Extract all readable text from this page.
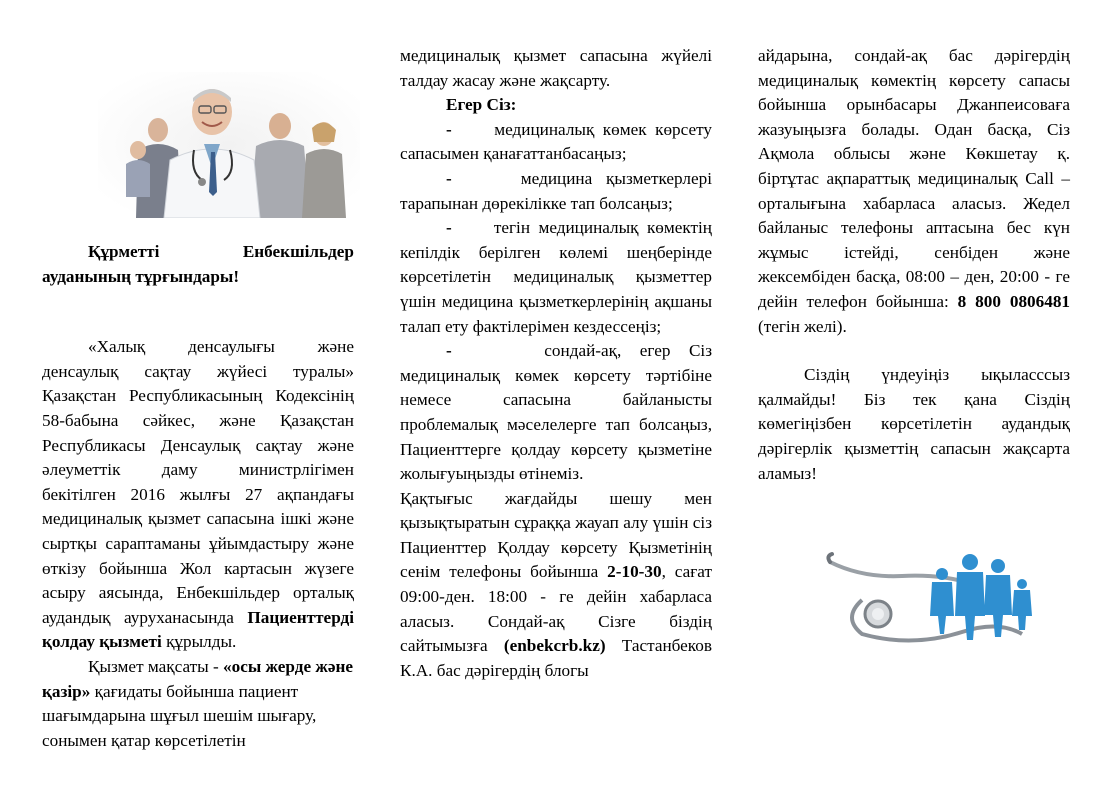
Құрметті Енбекшільдер ауданының тұрғындары!

«Халық денсаулығы және денсаулық сақтау жүйесі туралы» Қазақстан Республикасының Кодексінің 58-бабына сәйкес, және Қазақстан Республикасы Денсаулық сақтау және әлеуметтік даму министрлігімен бекітілген 2016 жылғы 27 ақпандағы медициналық қызмет сапасына ішкі және сыртқы сараптаманы ұйымдастыру және өткізу бойынша Жол картасын жүзеге асыру аясында, Енбекшільдер орталық аудандық ауруханасында Пациенттерді қолдау қызметі құрылды.

Қызмет мақсаты - «осы жерде және қазір» қағидаты бойынша пациент шағымдарына шұғыл шешім шығару, сонымен қатар көрсетілетін

медициналық қызмет сапасына жүйелі талдау жасау және жақсарту.

Егер Сіз:

- медициналық көмек көрсету сапасымен қанағаттанбасаңыз;

-	медицина қызметкерлері тарапынан дөрекілікке тап болсаңыз;

- тегін медициналық көмектің кепілдік берілген көлемі шеңберінде көрсетілетін медициналық қызметтер үшін медицина қызметкерлерінің ақшаны талап ету фактілерімен кездессеңіз;

-	сондай-ақ, егер Сіз медициналық көмек көрсету тәртібіне немесе сапасына байланысты проблемалық мәселелерге тап болсаңыз, Пациенттерге қолдау көрсету қызметіне жолығуыңызды өтінеміз.

Қақтығыс жағдайды шешу мен қызықтыратын сұраққа жауап алу үшін сіз Пациенттер Қолдау көрсету Қызметінің сенім телефоны бойынша 2-10-30, сағат 09:00-ден. 18:00 - ге дейін хабарласа аласыз. Сондай-ақ Сізге біздің сайтымызға (enbekcrb.kz) Тастанбеков К.А. бас дәрігердің блогы

айдарына, сондай-ақ бас дәрігердің медициналық көмектің көрсету сапасы бойынша орынбасары Джанпеисоваға жазуыңызға болады. Одан басқа, Сіз Ақмола облысы және Көкшетау қ. біртұтас ақпараттық медициналық Call – орталығына хабарласа аласыз. Жедел байланыс телефоны аптасына бес күн жұмыс істейді, сенбіден және жексембіден басқа, 08:00 – ден, 20:00 - ге дейін телефон бойынша: 8 800 0806481 (тегін желі).

Сіздің үндеуіңіз ықыласссыз қалмайды! Біз тек қана Сіздің көмегіңізбен көрсетілетін аудандық дәрігерлік қызметтің сапасын жақсарта аламыз!
